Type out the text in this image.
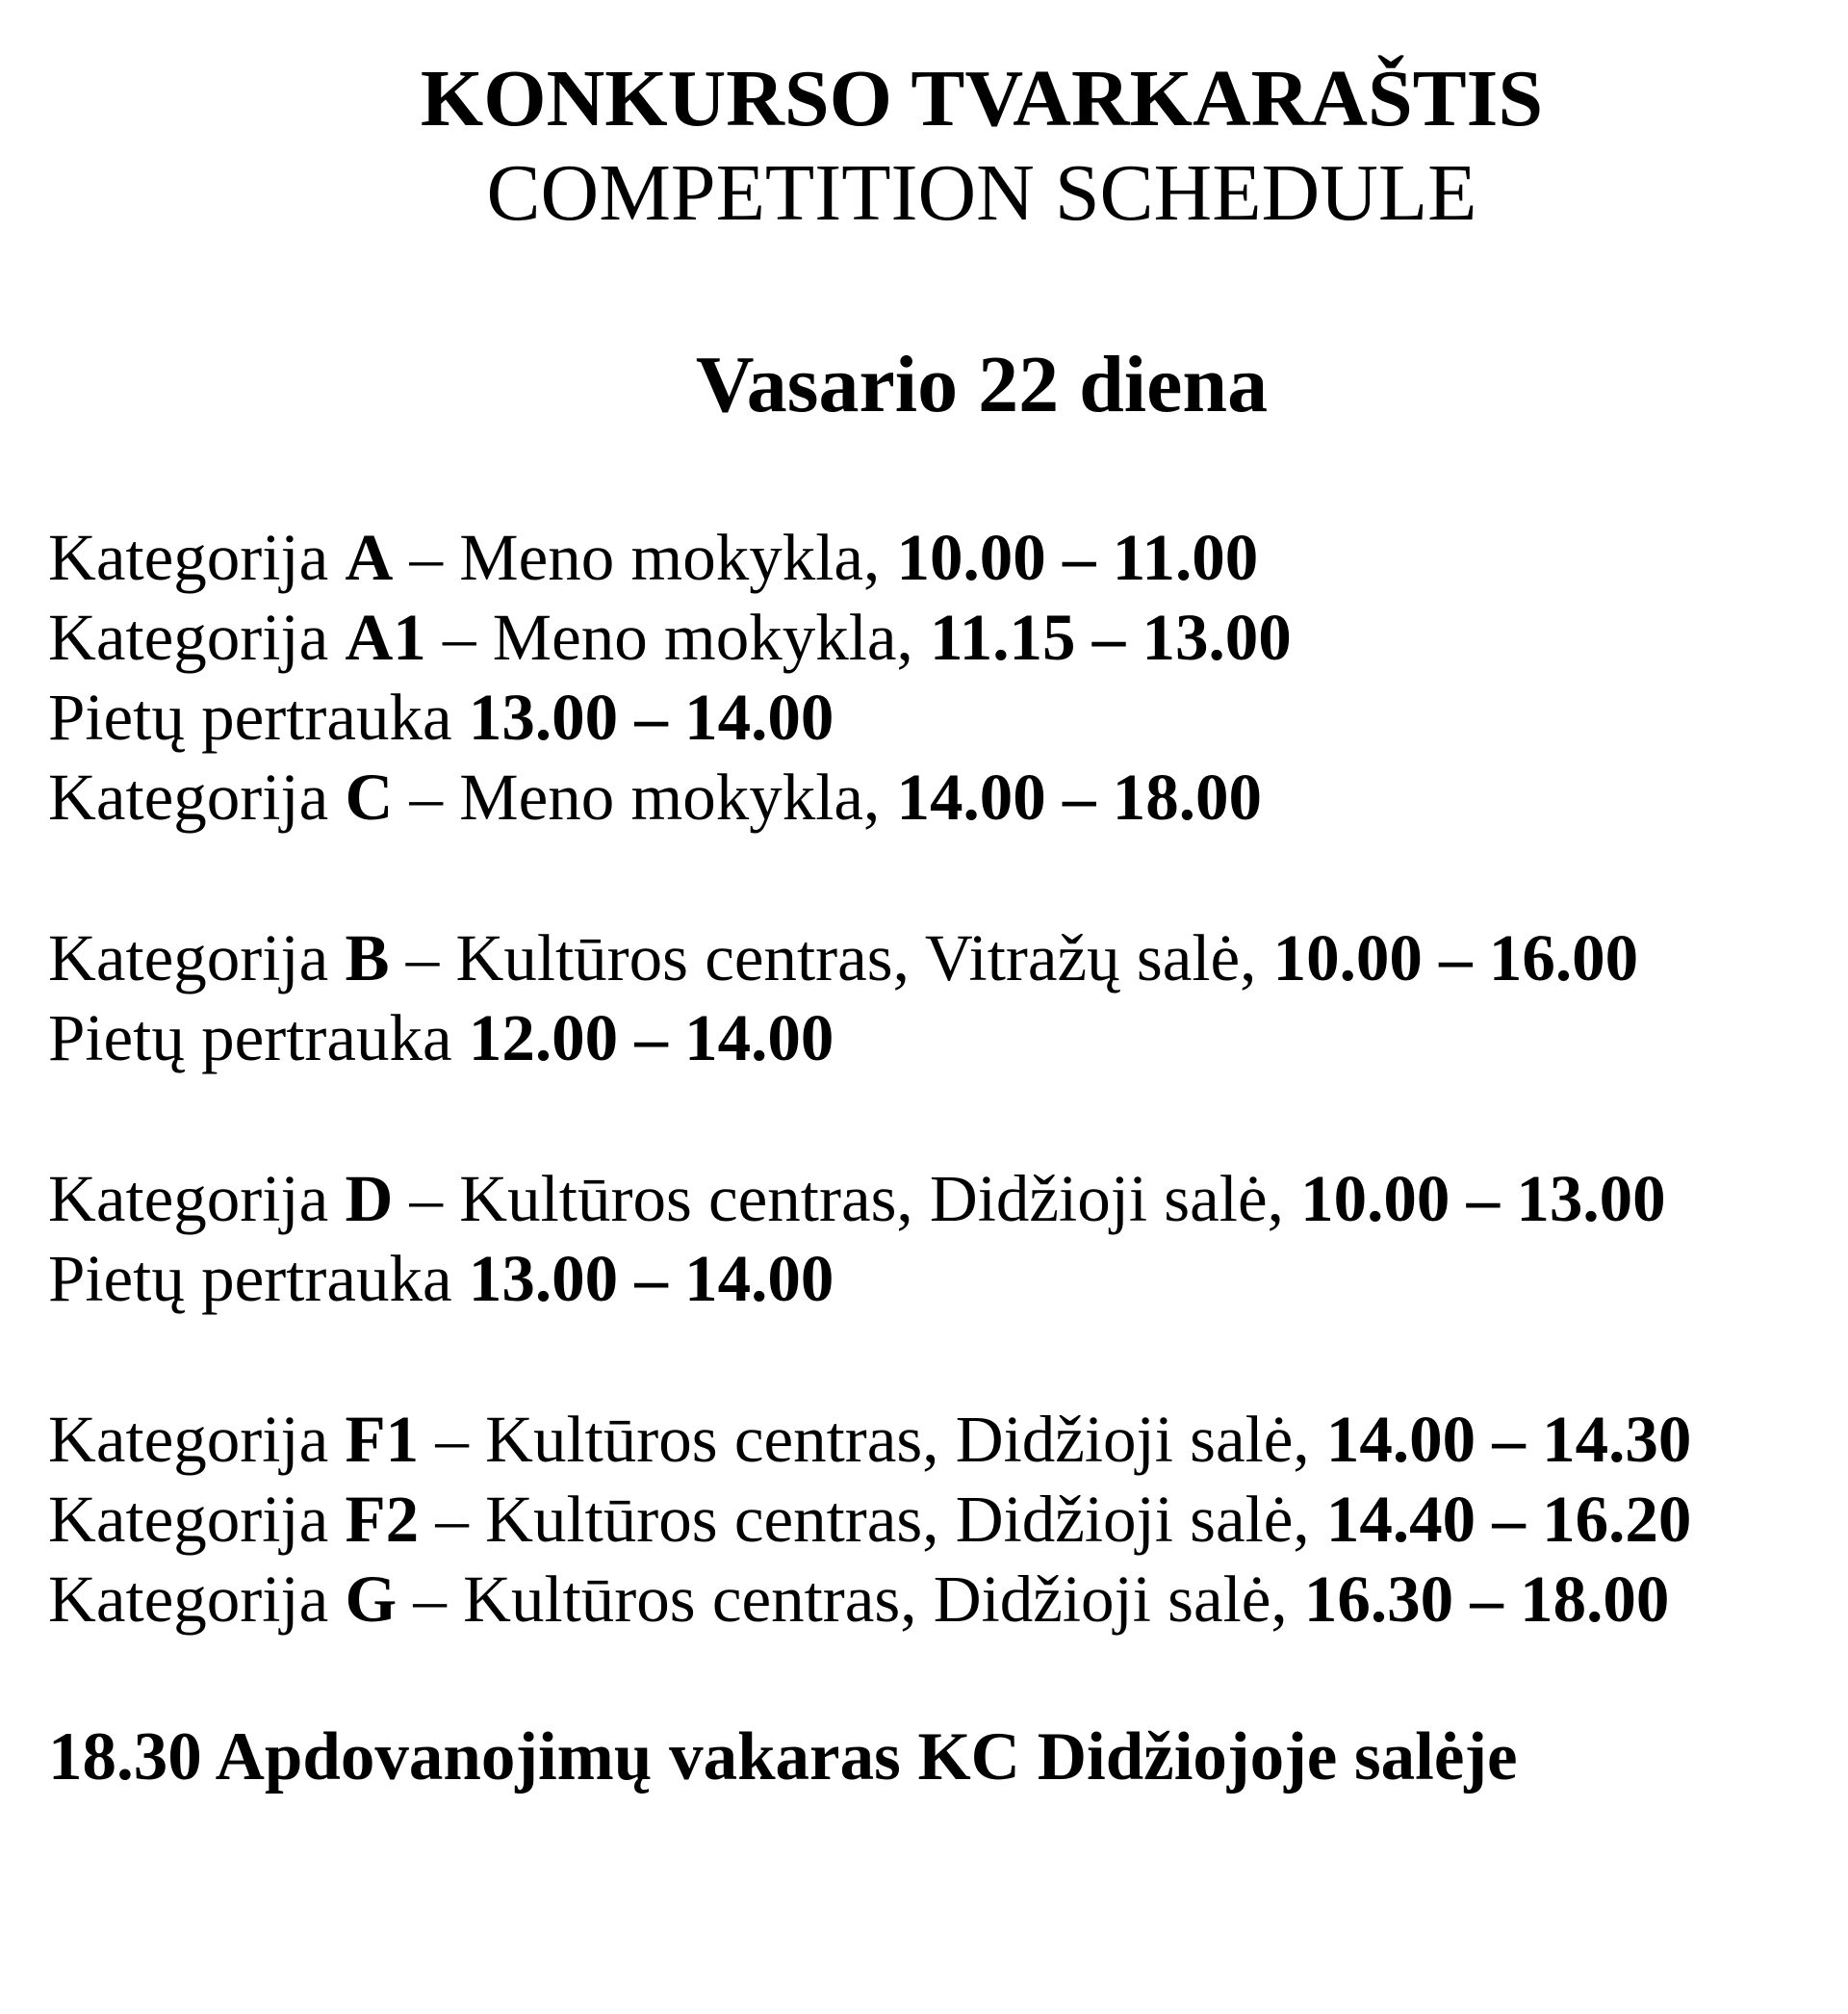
KONKURSO TVARKARAŠTIS
COMPETITION SCHEDULE
Vasario 22 diena
Kategorija A – Meno mokykla, 10.00 – 11.00
Kategorija A1 – Meno mokykla, 11.15 – 13.00
Pietų pertrauka 13.00 – 14.00
Kategorija C – Meno mokykla, 14.00 – 18.00
Kategorija B – Kultūros centras, Vitražų salė, 10.00 – 16.00
Pietų pertrauka 12.00 – 14.00
Kategorija D – Kultūros centras, Didžioji salė, 10.00 – 13.00
Pietų pertrauka 13.00 – 14.00
Kategorija F1 – Kultūros centras, Didžioji salė, 14.00 – 14.30
Kategorija F2 – Kultūros centras, Didžioji salė, 14.40 – 16.20
Kategorija G – Kultūros centras, Didžioji salė, 16.30 – 18.00
18.30 Apdovanojimų vakaras KC Didžiojoje salėje
